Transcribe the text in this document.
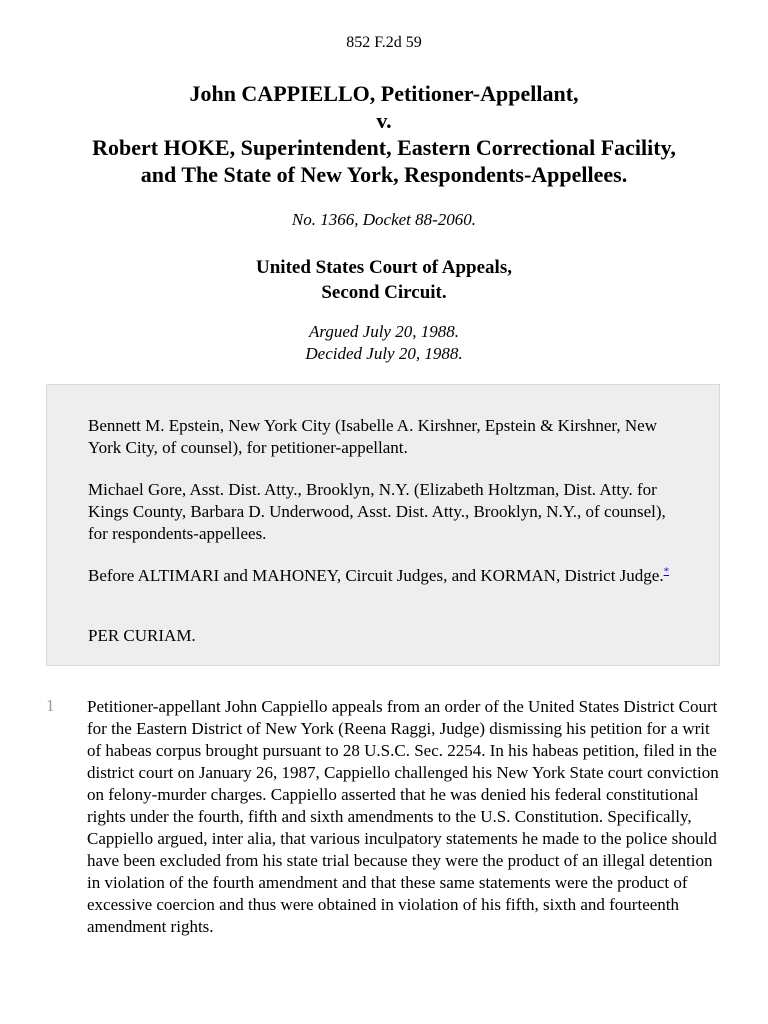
852 F.2d 59
John CAPPIELLO, Petitioner-Appellant,
v.
Robert HOKE, Superintendent, Eastern Correctional Facility,
and The State of New York, Respondents-Appellees.
No. 1366, Docket 88-2060.
United States Court of Appeals,
Second Circuit.
Argued July 20, 1988.
Decided July 20, 1988.

Bennett M. Epstein, New York City (Isabelle A. Kirshner, Epstein & Kirshner, New York City, of counsel), for petitioner-appellant.

Michael Gore, Asst. Dist. Atty., Brooklyn, N.Y. (Elizabeth Holtzman, Dist. Atty. for Kings County, Barbara D. Underwood, Asst. Dist. Atty., Brooklyn, N.Y., of counsel), for respondents-appellees.

Before ALTIMARI and MAHONEY, Circuit Judges, and KORMAN, District Judge.*

PER CURIAM.

1 Petitioner-appellant John Cappiello appeals from an order of the United States District Court for the Eastern District of New York (Reena Raggi, Judge) dismissing his petition for a writ of habeas corpus brought pursuant to 28 U.S.C. Sec. 2254. In his habeas petition, filed in the district court on January 26, 1987, Cappiello challenged his New York State court conviction on felony-murder charges. Cappiello asserted that he was denied his federal constitutional rights under the fourth, fifth and sixth amendments to the U.S. Constitution. Specifically, Cappiello argued, inter alia, that various inculpatory statements he made to the police should have been excluded from his state trial because they were the product of an illegal detention in violation of the fourth amendment and that these same statements were the product of excessive coercion and thus were obtained in violation of his fifth, sixth and fourteenth amendment rights.
